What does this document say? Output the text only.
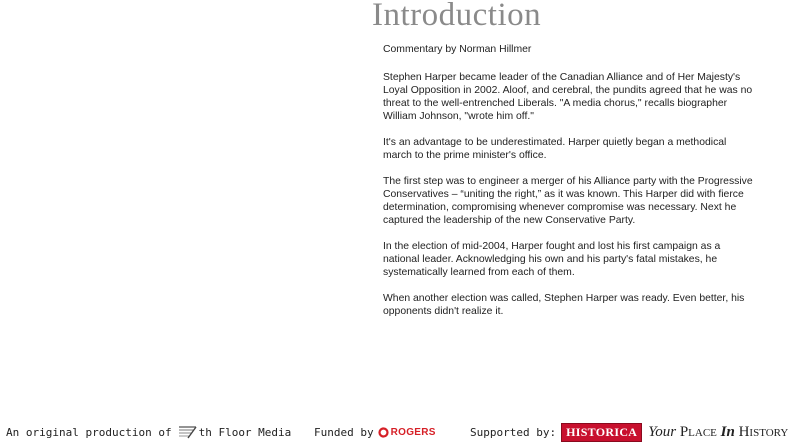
Introduction
Commentary by Norman Hillmer

Stephen Harper became leader of the Canadian Alliance and of Her Majesty's Loyal Opposition in 2002. Aloof, and cerebral, the pundits agreed that he was no threat to the well-entrenched Liberals. "A media chorus," recalls biographer William Johnson, "wrote him off."

It's an advantage to be underestimated. Harper quietly began a methodical march to the prime minister's office.

The first step was to engineer a merger of his Alliance party with the Progressive Conservatives – “uniting the right,” as it was known. This Harper did with fierce determination, compromising whenever compromise was necessary. Next he captured the leadership of the new Conservative Party.

In the election of mid-2004, Harper fought and lost his first campaign as a national leader. Acknowledging his own and his party's fatal mistakes, he systematically learned from each of them.

When another election was called, Stephen Harper was ready. Even better, his opponents didn't realize it.

An original production of th Floor Media Funded by ROGERS	Supported by: HISTORICA Your Place In History
